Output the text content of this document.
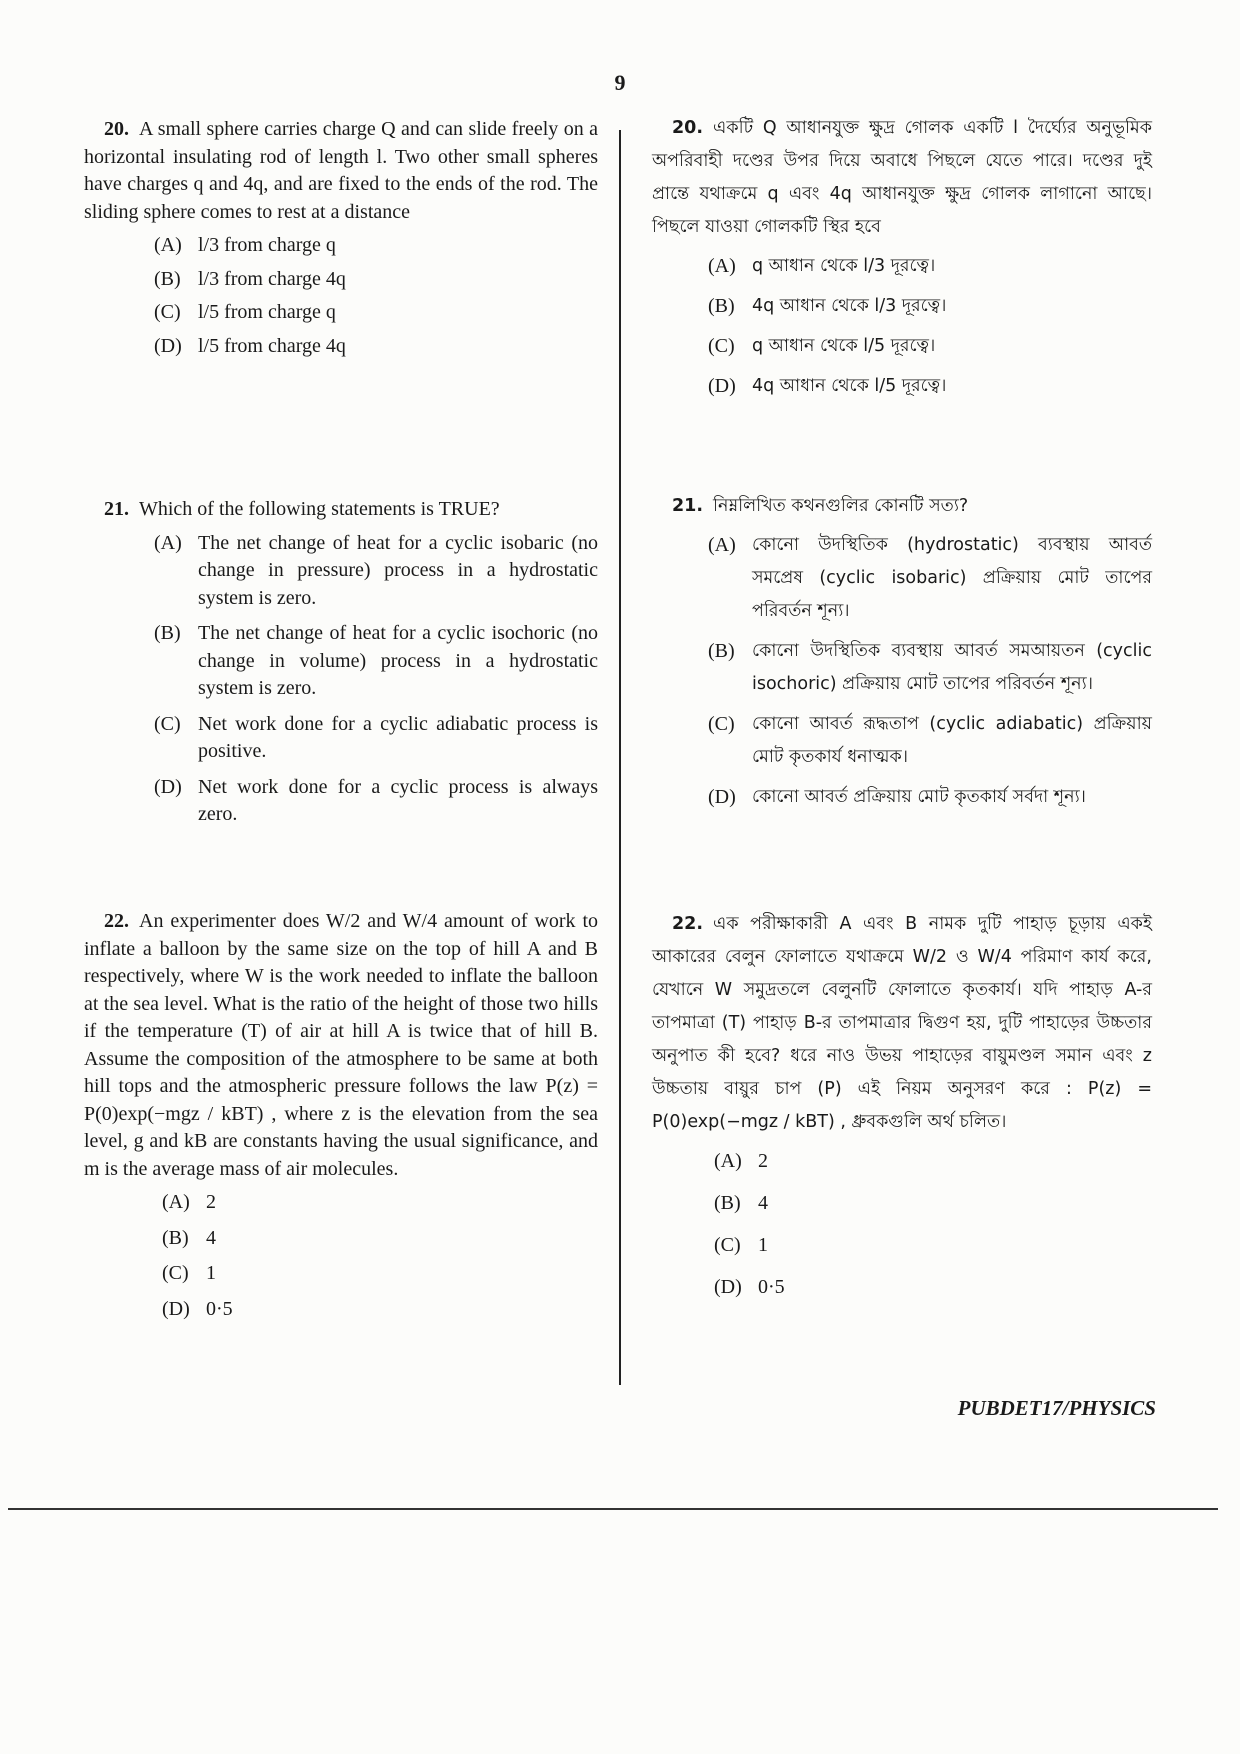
9

20. A small sphere carries charge Q and can slide freely on a horizontal insulating rod of length l. Two other small spheres have charges q and 4q, and are fixed to the ends of the rod. The sliding sphere comes to rest at a distance

(A) l/3 from charge q
(B) l/3 from charge 4q
(C) l/5 from charge q
(D) l/5 from charge 4q

21. Which of the following statements is TRUE?

(A) The net change of heat for a cyclic isobaric (no change in pressure) process in a hydrostatic system is zero.
(B) The net change of heat for a cyclic isochoric (no change in volume) process in a hydrostatic system is zero.
(C) Net work done for a cyclic adiabatic process is positive.
(D) Net work done for a cyclic process is always zero.

22. An experimenter does W/2 and W/4 amount of work to inflate a balloon by the same size on the top of hill A and B respectively, where W is the work needed to inflate the balloon at the sea level. What is the ratio of the height of those two hills if the temperature (T) of air at hill A is twice that of hill B. Assume the composition of the atmosphere to be same at both hill tops and the atmospheric pressure follows the law P(z) = P(0)exp(−mgz / kBT) , where z is the elevation from the sea level, g and kB are constants having the usual significance, and m is the average mass of air molecules.

(A) 2
(B) 4
(C) 1
(D) 0·5

20. একটি Q আধানযুক্ত ক্ষুদ্র গোলক একটি l দৈর্ঘ্যের অনুভূমিক অপরিবাহী দণ্ডের উপর দিয়ে অবাধে পিছলে যেতে পারে। দণ্ডের দুই প্রান্তে যথাক্রমে q এবং 4q আধানযুক্ত ক্ষুদ্র গোলক লাগানো আছে। পিছলে যাওয়া গোলকটি স্থির হবে

(A) q আধান থেকে l/3 দূরত্বে।
(B) 4q আধান থেকে l/3 দূরত্বে।
(C) q আধান থেকে l/5 দূরত্বে।
(D) 4q আধান থেকে l/5 দূরত্বে।

21. নিম্নলিখিত কথনগুলির কোনটি সত্য?

(A) কোনো উদস্থিতিক (hydrostatic) ব্যবস্থায় আবর্ত সমপ্রেষ (cyclic isobaric) প্রক্রিয়ায় মোট তাপের পরিবর্তন শূন্য।
(B) কোনো উদস্থিতিক ব্যবস্থায় আবর্ত সমআয়তন (cyclic isochoric) প্রক্রিয়ায় মোট তাপের পরিবর্তন শূন্য।
(C) কোনো আবর্ত রূদ্ধতাপ (cyclic adiabatic) প্রক্রিয়ায় মোট কৃতকার্য ধনাত্মক।
(D) কোনো আবর্ত প্রক্রিয়ায় মোট কৃতকার্য সর্বদা শূন্য।

22. এক পরীক্ষাকারী A এবং B নামক দুটি পাহাড় চূড়ায় একই আকারের বেলুন ফোলাতে যথাক্রমে W/2 ও W/4 পরিমাণ কার্য করে, যেখানে W সমুদ্রতলে বেলুনটি ফোলাতে কৃতকার্য। যদি পাহাড় A-র তাপমাত্রা (T) পাহাড় B-র তাপমাত্রার দ্বিগুণ হয়, দুটি পাহাড়ের উচ্চতার অনুপাত কী হবে? ধরে নাও উভয় পাহাড়ের বায়ুমণ্ডল সমান এবং z উচ্চতায় বায়ুর চাপ (P) এই নিয়ম অনুসরণ করে : P(z) = P(0)exp(−mgz / kBT) , ধ্রুবকগুলি অর্থ চলিত।

(A) 2
(B) 4
(C) 1
(D) 0·5
PUBDET17/PHYSICS
